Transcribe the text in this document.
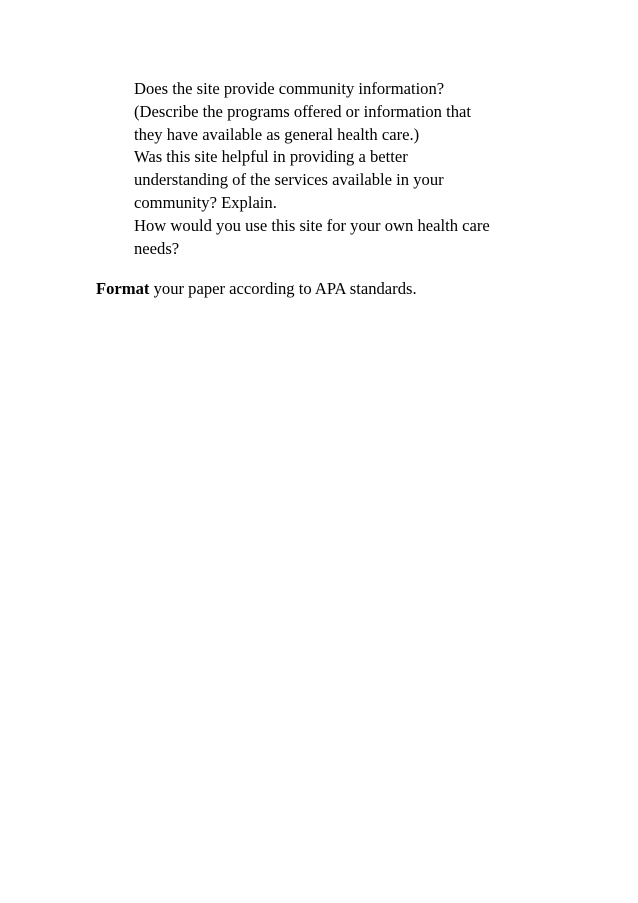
Does the site provide community information?
(Describe the programs offered or information that
they have available as general health care.)
Was this site helpful in providing a better
understanding of the services available in your
community? Explain.
How would you use this site for your own health care
needs?
Format your paper according to APA standards.
